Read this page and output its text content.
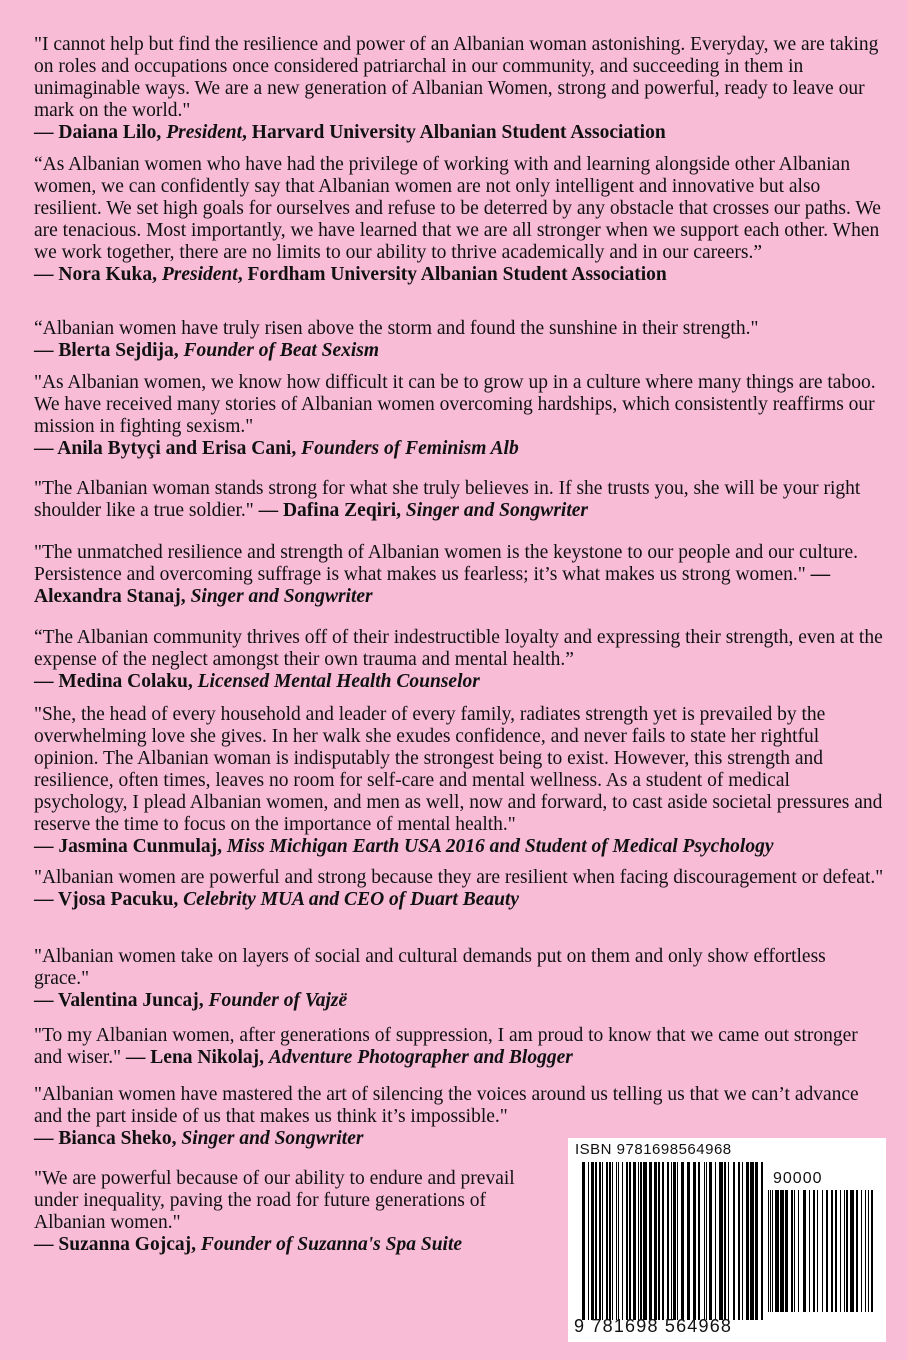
"I cannot help but find the resilience and power of an Albanian woman astonishing. Everyday, we are taking on roles and occupations once considered patriarchal in our community, and succeeding in them in unimaginable ways. We are a new generation of Albanian Women, strong and powerful, ready to leave our mark on the world."

— Daiana Lilo, President, Harvard University Albanian Student Association

“As Albanian women who have had the privilege of working with and learning alongside other Albanian women, we can confidently say that Albanian women are not only intelligent and innovative but also resilient. We set high goals for ourselves and refuse to be deterred by any obstacle that crosses our paths. We are tenacious. Most importantly, we have learned that we are all stronger when we support each other. When we work together, there are no limits to our ability to thrive academically and in our careers.”

— Nora Kuka, President, Fordham University Albanian Student Association

“Albanian women have truly risen above the storm and found the sunshine in their strength."

— Blerta Sejdija, Founder of Beat Sexism

"As Albanian women, we know how difficult it can be to grow up in a culture where many things are taboo. We have received many stories of Albanian women overcoming hardships, which consistently reaffirms our mission in fighting sexism."

— Anila Bytyçi and Erisa Cani, Founders of Feminism Alb

"The Albanian woman stands strong for what she truly believes in. If she trusts you, she will be your right shoulder like a true soldier." — Dafina Zeqiri, Singer and Songwriter

"The unmatched resilience and strength of Albanian women is the keystone to our people and our culture. Persistence and overcoming suffrage is what makes us fearless; it’s what makes us strong women." — Alexandra Stanaj, Singer and Songwriter

“The Albanian community thrives off of their indestructible loyalty and expressing their strength, even at the expense of the neglect amongst their own trauma and mental health.”

— Medina Colaku, Licensed Mental Health Counselor

"She, the head of every household and leader of every family, radiates strength yet is prevailed by the overwhelming love she gives. In her walk she exudes confidence, and never fails to state her rightful opinion. The Albanian woman is indisputably the strongest being to exist. However, this strength and resilience, often times, leaves no room for self-care and mental wellness. As a student of medical psychology, I plead Albanian women, and men as well, now and forward, to cast aside societal pressures and reserve the time to focus on the importance of mental health."

— Jasmina Cunmulaj, Miss Michigan Earth USA 2016 and Student of Medical Psychology

"Albanian women are powerful and strong because they are resilient when facing discouragement or defeat."

— Vjosa Pacuku, Celebrity MUA and CEO of Duart Beauty

"Albanian women take on layers of social and cultural demands put on them and only show effortless grace."

— Valentina Juncaj, Founder of Vajzë

"To my Albanian women, after generations of suppression, I am proud to know that we came out stronger and wiser." — Lena Nikolaj, Adventure Photographer and Blogger

"Albanian women have mastered the art of silencing the voices around us telling us that we can’t advance and the part inside of us that makes us think it’s impossible."

— Bianca Sheko, Singer and Songwriter

"We are powerful because of our ability to endure and prevail under inequality, paving the road for future generations of Albanian women."

— Suzanna Gojcaj, Founder of Suzanna's Spa Suite

ISBN 9781698564968
90000
9 781698 564968
